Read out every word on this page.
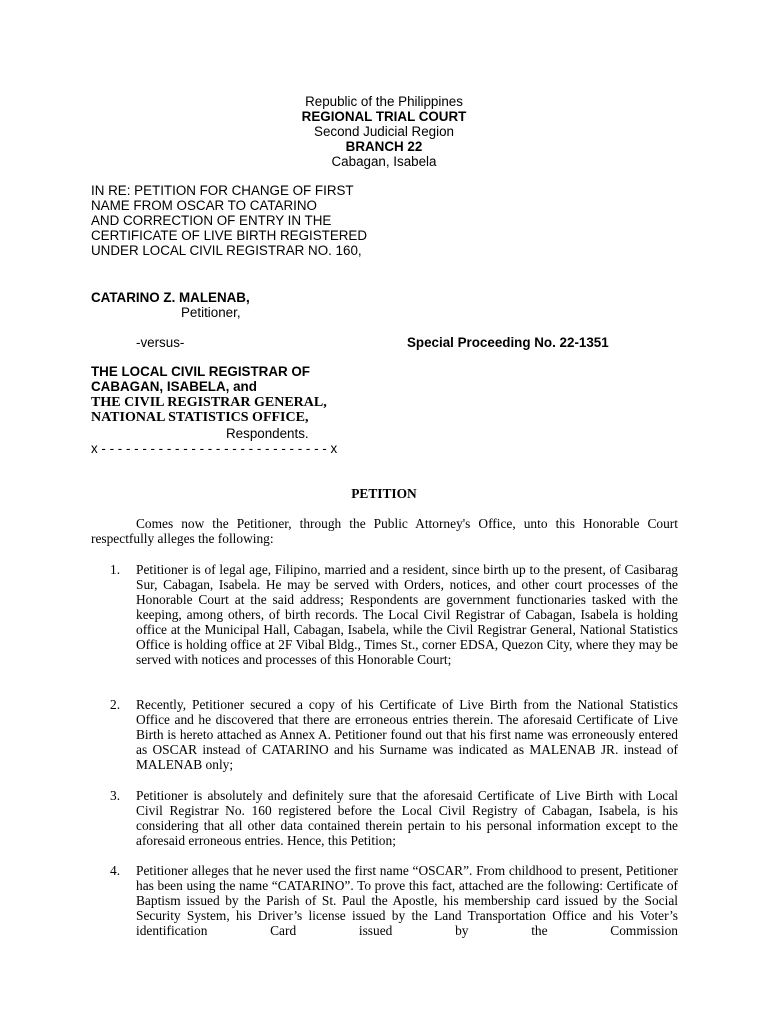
Republic of the Philippines
REGIONAL TRIAL COURT
Second Judicial Region
BRANCH 22
Cabagan, Isabela
IN RE: PETITION FOR CHANGE OF FIRST
NAME FROM OSCAR TO CATARINO
AND CORRECTION OF ENTRY IN THE
CERTIFICATE OF LIVE BIRTH REGISTERED
UNDER LOCAL CIVIL REGISTRAR NO. 160,
CATARINO Z. MALENAB,
Petitioner,
-versus-	Special Proceeding No. 22-1351
THE LOCAL CIVIL REGISTRAR OF
CABAGAN, ISABELA, and
THE CIVIL REGISTRAR GENERAL,
NATIONAL STATISTICS OFFICE,
Respondents.
x - - - - - - - - - - - - - - - - - - - - - - - - - - - - x
PETITION
Comes now the Petitioner, through the Public Attorney's Office, unto this Honorable Court respectfully alleges the following:
1. Petitioner is of legal age, Filipino, married and a resident, since birth up to the present, of Casibarag Sur, Cabagan, Isabela. He may be served with Orders, notices, and other court processes of the Honorable Court at the said address; Respondents are government functionaries tasked with the keeping, among others, of birth records. The Local Civil Registrar of Cabagan, Isabela is holding office at the Municipal Hall, Cabagan, Isabela, while the Civil Registrar General, National Statistics Office is holding office at 2F Vibal Bldg., Times St., corner EDSA, Quezon City, where they may be served with notices and processes of this Honorable Court;
2. Recently, Petitioner secured a copy of his Certificate of Live Birth from the National Statistics Office and he discovered that there are erroneous entries therein. The aforesaid Certificate of Live Birth is hereto attached as Annex A. Petitioner found out that his first name was erroneously entered as OSCAR instead of CATARINO and his Surname was indicated as MALENAB JR. instead of MALENAB only;
3. Petitioner is absolutely and definitely sure that the aforesaid Certificate of Live Birth with Local Civil Registrar No. 160 registered before the Local Civil Registry of Cabagan, Isabela, is his considering that all other data contained therein pertain to his personal information except to the aforesaid erroneous entries. Hence, this Petition;
4. Petitioner alleges that he never used the first name “OSCAR”. From childhood to present, Petitioner has been using the name “CATARINO”. To prove this fact, attached are the following: Certificate of Baptism issued by the Parish of St. Paul the Apostle, his membership card issued by the Social Security System, his Driver’s license issued by the Land Transportation Office and his Voter’s identification Card issued by the Commission
